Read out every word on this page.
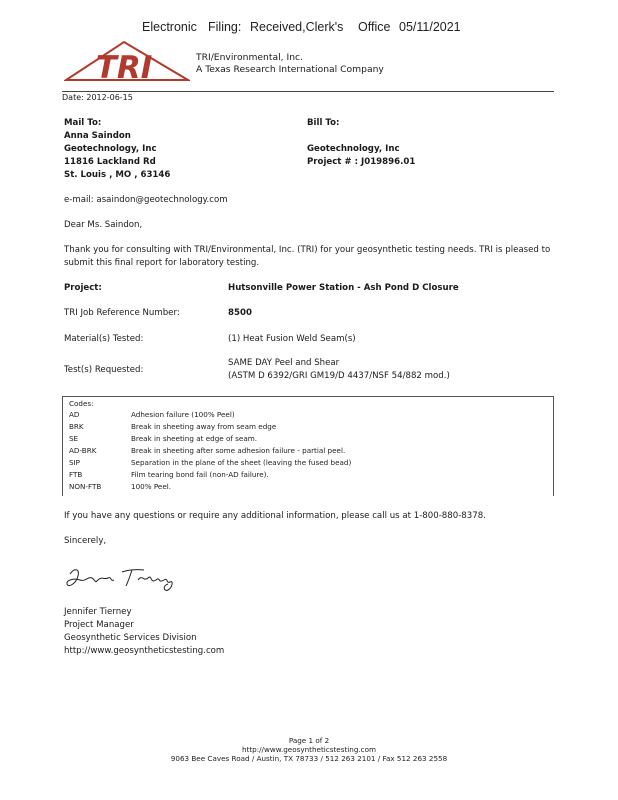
Electronic Filing: Received,Clerk's Office 05/11/2021
TRI	TRI/Environmental, Inc.
A Texas Research International Company
Date: 2012-06-15
Mail To:
Anna Saindon
Geotechnology, Inc
11816 Lackland Rd
St. Louis , MO , 63146
Bill To:
Geotechnology, Inc
Project # : J019896.01
e-mail: asaindon@geotechnology.com
Dear Ms. Saindon,
Thank you for consulting with TRI/Environmental, Inc. (TRI) for your geosynthetic testing needs. TRI is pleased to submit this final report for laboratory testing.
Project:	Hutsonville Power Station - Ash Pond D Closure
TRI Job Reference Number:	8500
Material(s) Tested:	(1) Heat Fusion Weld Seam(s)
Test(s) Requested:
SAME DAY Peel and Shear
(ASTM D 6392/GRI GM19/D 4437/NSF 54/882 mod.)
Codes:
AD	Adhesion failure (100% Peel)
BRK	Break in sheeting away from seam edge
SE	Break in sheeting at edge of seam.
AD-BRK	Break in sheeting after some adhesion failure - partial peel.
SIP	Separation in the plane of the sheet (leaving the fused bead)
FTB	Film tearing bond fail (non-AD failure).
NON-FTB	100% Peel.
If you have any questions or require any additional information, please call us at 1-800-880-8378.
Sincerely,
Jennifer Tierney
Project Manager
Geosynthetic Services Division
http://www.geosyntheticstesting.com
Page 1 of 2
http://www.geosyntheticstesting.com
9063 Bee Caves Road / Austin, TX 78733 / 512 263 2101 / Fax 512 263 2558
